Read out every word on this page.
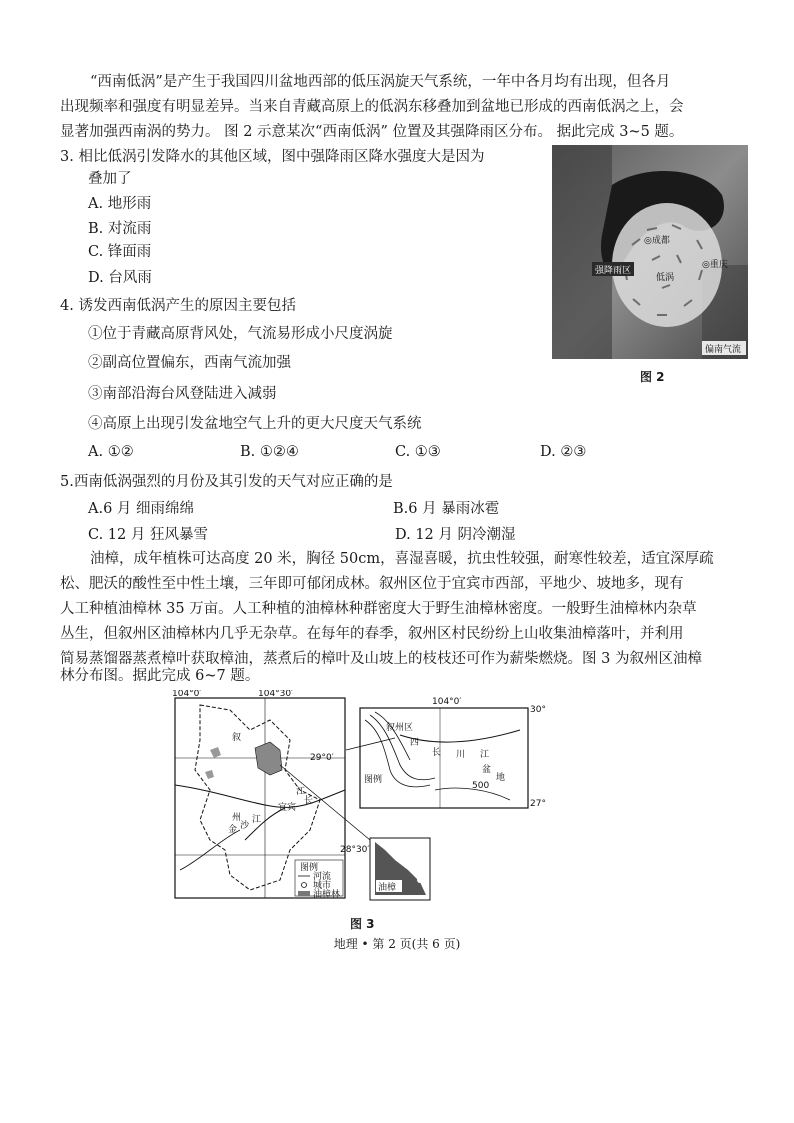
“西南低涡”是产生于我国四川盆地西部的低压涡旋天气系统，一年中各月均有出现，但各月
出现频率和强度有明显差异。当来自青藏高原上的低涡东移叠加到盆地已形成的西南低涡之上，会
显著加强西南涡的势力。 图 2 示意某次“西南低涡” 位置及其强降雨区分布。 据此完成 3~5 题。
3. 相比低涡引发降水的其他区域，图中强降雨区降水强度大是因为
叠加了
A. 地形雨
B. 对流雨
C. 锋面雨
D. 台风雨
◎成都
◎重庆
强降雨区
低涡
偏南气流
图 2
4. 诱发西南低涡产生的原因主要包括
①位于青藏高原背风处，气流易形成小尺度涡旋
②副高位置偏东，西南气流加强
③南部沿海台风登陆进入减弱
④高原上出现引发盆地空气上升的更大尺度天气系统
A. ①②	B. ①②④	C. ①③	D. ②③
5.西南低涡强烈的月份及其引发的天气对应正确的是
A.6 月 细雨绵绵	B.6 月 暴雨冰雹
C. 12 月 狂风暴雪	D. 12 月 阴冷潮湿
油樟，成年植株可达高度 20 米，胸径 50cm，喜湿喜暖，抗虫性较强，耐寒性较差，适宜深厚疏
松、肥沃的酸性至中性土壤，三年即可郁闭成林。叙州区位于宜宾市西部，平地少、坡地多，现有
人工种植油樟林 35 万亩。人工种植的油樟林种群密度大于野生油樟林密度。一般野生油樟林内杂草
丛生，但叙州区油樟林内几乎无杂草。在每年的春季，叙州区村民纷纷上山收集油樟落叶，并利用
简易蒸馏器蒸煮樟叶获取樟油，蒸煮后的樟叶及山坡上的枝枝还可作为薪柴燃烧。图 3 为叙州区油樟
林分布图。据此完成 6~7 题。
104°0′	104°30′
29°0′
28°30′
叙
州
宜宾
金 沙
江
长
江
图例
河流
城市
油樟林
104°0′
30°
27°
叙州区
四
川 江
长
盆
地
500
图例
油樟
图 3
地理 • 第 2 页(共 6 页)
